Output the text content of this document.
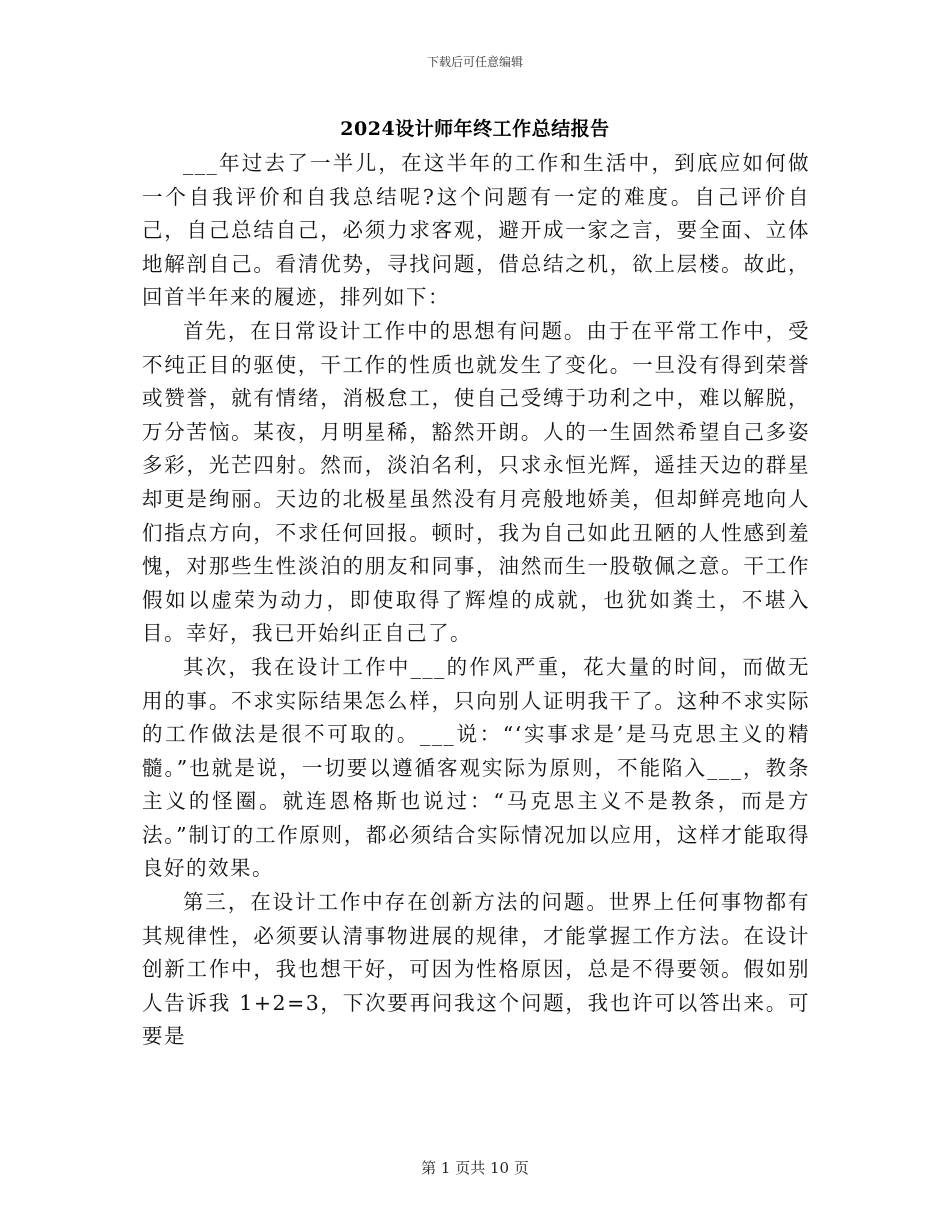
下载后可任意编辑
2024设计师年终工作总结报告

___年过去了一半儿，在这半年的工作和生活中，到底应如何做一个自我评价和自我总结呢?这个问题有一定的难度。自己评价自己，自己总结自己，必须力求客观，避开成一家之言，要全面、立体地解剖自己。看清优势，寻找问题，借总结之机，欲上层楼。故此，回首半年来的履迹，排列如下：

首先，在日常设计工作中的思想有问题。由于在平常工作中，受不纯正目的驱使，干工作的性质也就发生了变化。一旦没有得到荣誉或赞誉，就有情绪，消极怠工，使自己受缚于功利之中，难以解脱，万分苦恼。某夜，月明星稀，豁然开朗。人的一生固然希望自己多姿多彩，光芒四射。然而，淡泊名利，只求永恒光辉，遥挂天边的群星却更是绚丽。天边的北极星虽然没有月亮般地娇美，但却鲜亮地向人们指点方向，不求任何回报。顿时，我为自己如此丑陋的人性感到羞愧，对那些生性淡泊的朋友和同事，油然而生一股敬佩之意。干工作假如以虚荣为动力，即使取得了辉煌的成就，也犹如粪土，不堪入目。幸好，我已开始纠正自己了。

其次，我在设计工作中___的作风严重，花大量的时间，而做无用的事。不求实际结果怎么样，只向别人证明我干了。这种不求实际的工作做法是很不可取的。___说：“‘实事求是’是马克思主义的精髓。”也就是说，一切要以遵循客观实际为原则，不能陷入___，教条主义的怪圈。就连恩格斯也说过：“马克思主义不是教条，而是方法。”制订的工作原则，都必须结合实际情况加以应用，这样才能取得良好的效果。

第三，在设计工作中存在创新方法的问题。世界上任何事物都有其规律性，必须要认清事物进展的规律，才能掌握工作方法。在设计创新工作中，我也想干好，可因为性格原因，总是不得要领。假如别人告诉我 1+2=3，下次要再问我这个问题，我也许可以答出来。可要是

第 1 页共 10 页
